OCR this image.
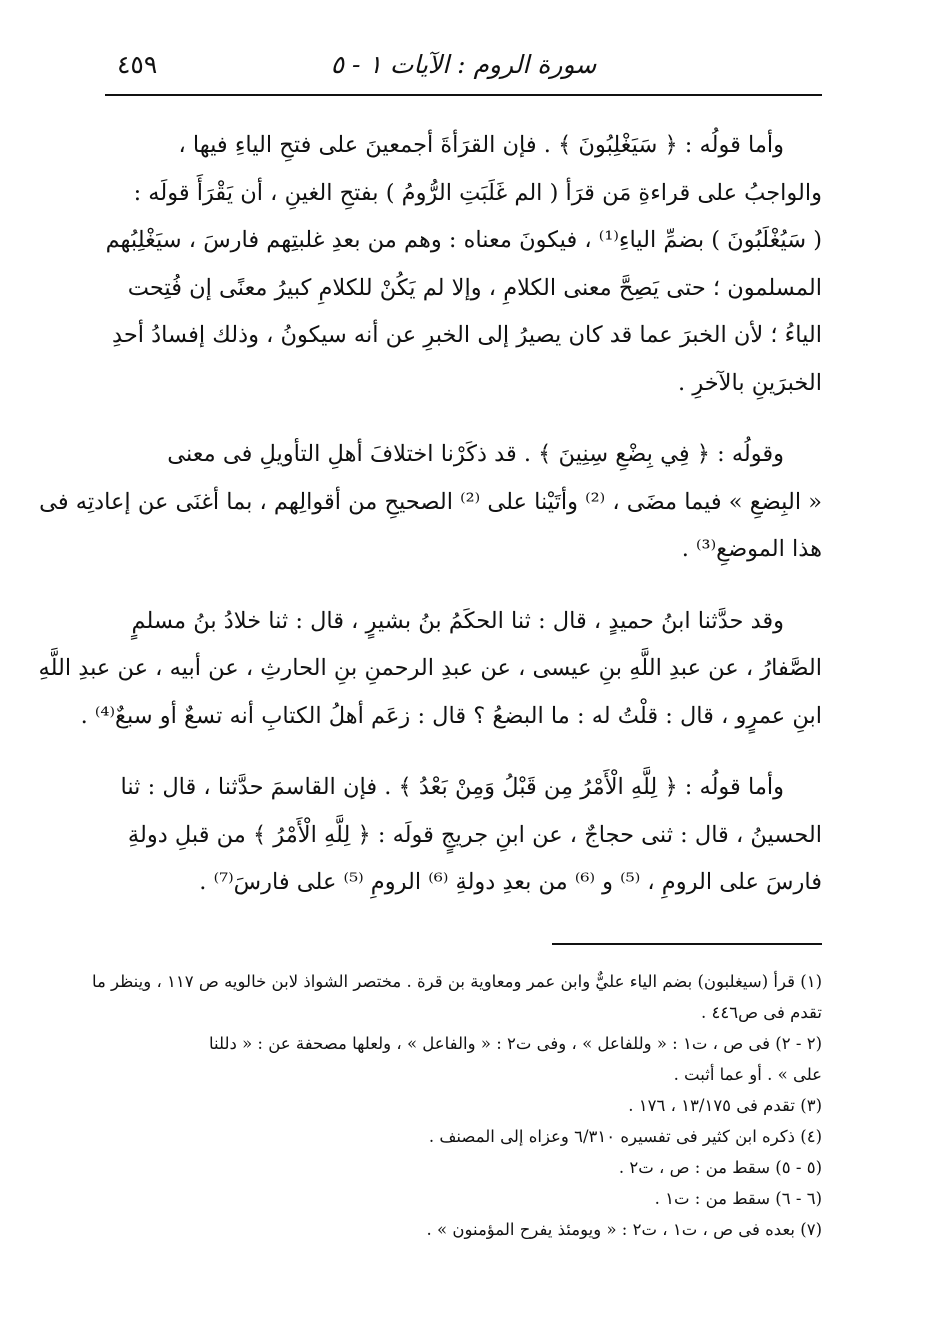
سورة الروم : الآيات ١ - ٥
٤٥٩

وأما قولُه : ﴿ سَيَغْلِبُونَ ﴾ . فإن القرَأةَ أجمعينَ على فتحِ الياءِ فيها ،
والواجبُ على قراءةِ مَن قرَأ ( الم غَلَبَتِ الرُّومُ ) بفتحِ الغينِ ، أن يَقْرَأَ قولَه :
( سَيُغْلَبُونَ ) بضمِّ الياءِ⁽¹⁾ ، فيكونَ معناه : وهم من بعدِ غلبتِهم فارسَ ، سيَغْلِبُهم
المسلمون ؛ حتى يَصِحَّ معنى الكلامِ ، وإلا لم يَكُنْ للكلامِ كبيرُ معنًى إن فُتِحت
الياءُ ؛ لأن الخبرَ عما قد كان يصيرُ إلى الخبرِ عن أنه سيكونُ ، وذلك إفسادُ أحدِ
الخبرَينِ بالآخرِ .

وقولُه : ﴿ فِي بِضْعِ سِنِينَ ﴾ . قد ذكَرْنا اختلافَ أهلِ التأويلِ فى معنى
« البِضعِ » فيما مضَى ، ⁽²⁾ وأتَيْنا على ⁽²⁾ الصحيحِ من أقوالِهم ، بما أغنَى عن إعادتِه فى
هذا الموضعِ⁽³⁾ .

وقد حدَّثنا ابنُ حميدٍ ، قال : ثنا الحكَمُ بنُ بشيرٍ ، قال : ثنا خلادُ بنُ مسلمٍ
الصَّفارُ ، عن عبدِ اللَّهِ بنِ عيسى ، عن عبدِ الرحمنِ بنِ الحارثِ ، عن أبيه ، عن عبدِ اللَّهِ
ابنِ عمرٍو ، قال : قلْتُ له : ما البضعُ ؟ قال : زعَم أهلُ الكتابِ أنه تسعٌ أو سبعٌ⁽⁴⁾ .

وأما قولُه : ﴿ لِلَّهِ الْأَمْرُ مِن قَبْلُ وَمِنْ بَعْدُ ﴾ . فإن القاسمَ حدَّثنا ، قال : ثنا
الحسينُ ، قال : ثنى حجاجٌ ، عن ابنِ جريجٍ قولَه : ﴿ لِلَّهِ الْأَمْرُ ﴾ من قبلِ دولةِ
فارسَ على الرومِ ، ⁽⁵⁾ و ⁽⁶⁾ من بعدِ دولةِ ⁽⁶⁾ الرومِ ⁽⁵⁾ على فارسَ⁽⁷⁾ .

(١) قرأ (سيغلبون) بضم الياء عليٌّ وابن عمر ومعاوية بن قرة . مختصر الشواذ لابن خالويه ص ١١٧ ، وينظر ما
تقدم فى ص٤٤٦ .
(٢ - ٢) فى ص ، ت١ : « وللفاعل » ، وفى ت٢ : « والفاعل » ، ولعلها مصحفة عن : « دللنا
على » . أو عما أثبت .
(٣) تقدم فى ١٣/١٧٥ ، ١٧٦ .
(٤) ذكره ابن كثير فى تفسيره ٦/٣١٠ وعزاه إلى المصنف .
(٥ - ٥) سقط من : ص ، ت٢ .
(٦ - ٦) سقط من : ت١ .
(٧) بعده فى ص ، ت١ ، ت٢ : « ويومئذ يفرح المؤمنون » .
